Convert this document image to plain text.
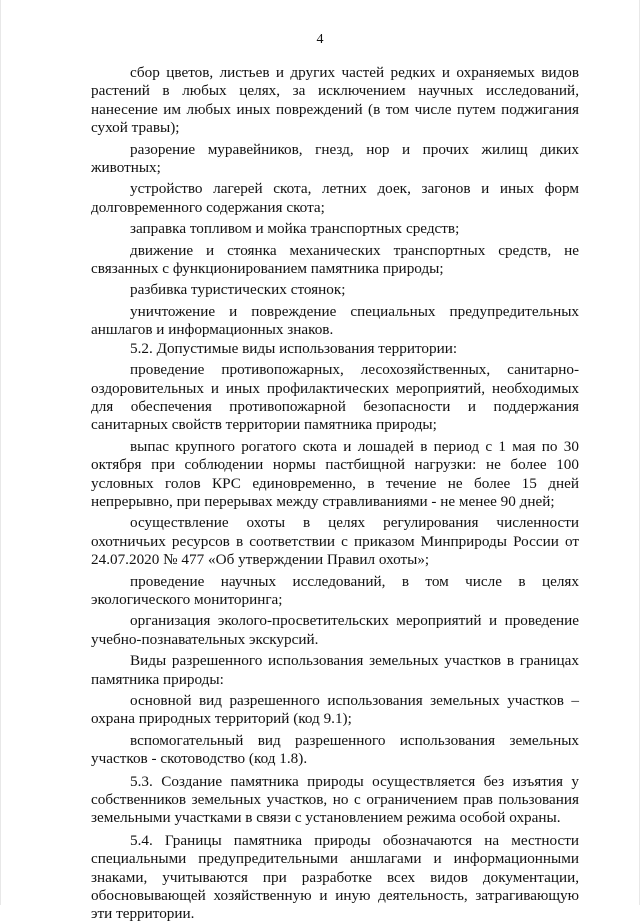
4

сбор цветов, листьев и других частей редких и охраняемых видов растений в любых целях, за исключением научных исследований, нанесение им любых иных повреждений (в том числе путем поджигания сухой травы);

разорение муравейников, гнезд, нор и прочих жилищ диких животных;

устройство лагерей скота, летних доек, загонов и иных форм долговременного содержания скота;

заправка топливом и мойка транспортных средств;

движение и стоянка механических транспортных средств, не связанных с функционированием памятника природы;

разбивка туристических стоянок;

уничтожение и повреждение специальных предупредительных аншлагов и информационных знаков.

5.2. Допустимые виды использования территории:

проведение противопожарных, лесохозяйственных, санитарно-оздоровительных и иных профилактических мероприятий, необходимых для обеспечения противопожарной безопасности и поддержания санитарных свойств территории памятника природы;

выпас крупного рогатого скота и лошадей в период с 1 мая по 30 октября при соблюдении нормы пастбищной нагрузки: не более 100 условных голов КРС единовременно, в течение не более 15 дней непрерывно, при перерывах между стравливаниями - не менее 90 дней;

осуществление охоты в целях регулирования численности охотничьих ресурсов в соответствии с приказом Минприроды России от 24.07.2020 № 477 «Об утверждении Правил охоты»;

проведение научных исследований, в том числе в целях экологического мониторинга;

организация эколого-просветительских мероприятий и проведение учебно-познавательных экскурсий.

Виды разрешенного использования земельных участков в границах памятника природы:

основной вид разрешенного использования земельных участков – охрана природных территорий (код 9.1);

вспомогательный вид разрешенного использования земельных участков - скотоводство (код 1.8).

5.3. Создание памятника природы осуществляется без изъятия у собственников земельных участков, но с ограничением прав пользования земельными участками в связи с установлением режима особой охраны.

5.4. Границы памятника природы обозначаются на местности специальными предупредительными аншлагами и информационными знаками, учитываются при разработке всех видов документации, обосновывающей хозяйственную и иную деятельность, затрагивающую эти территории.
